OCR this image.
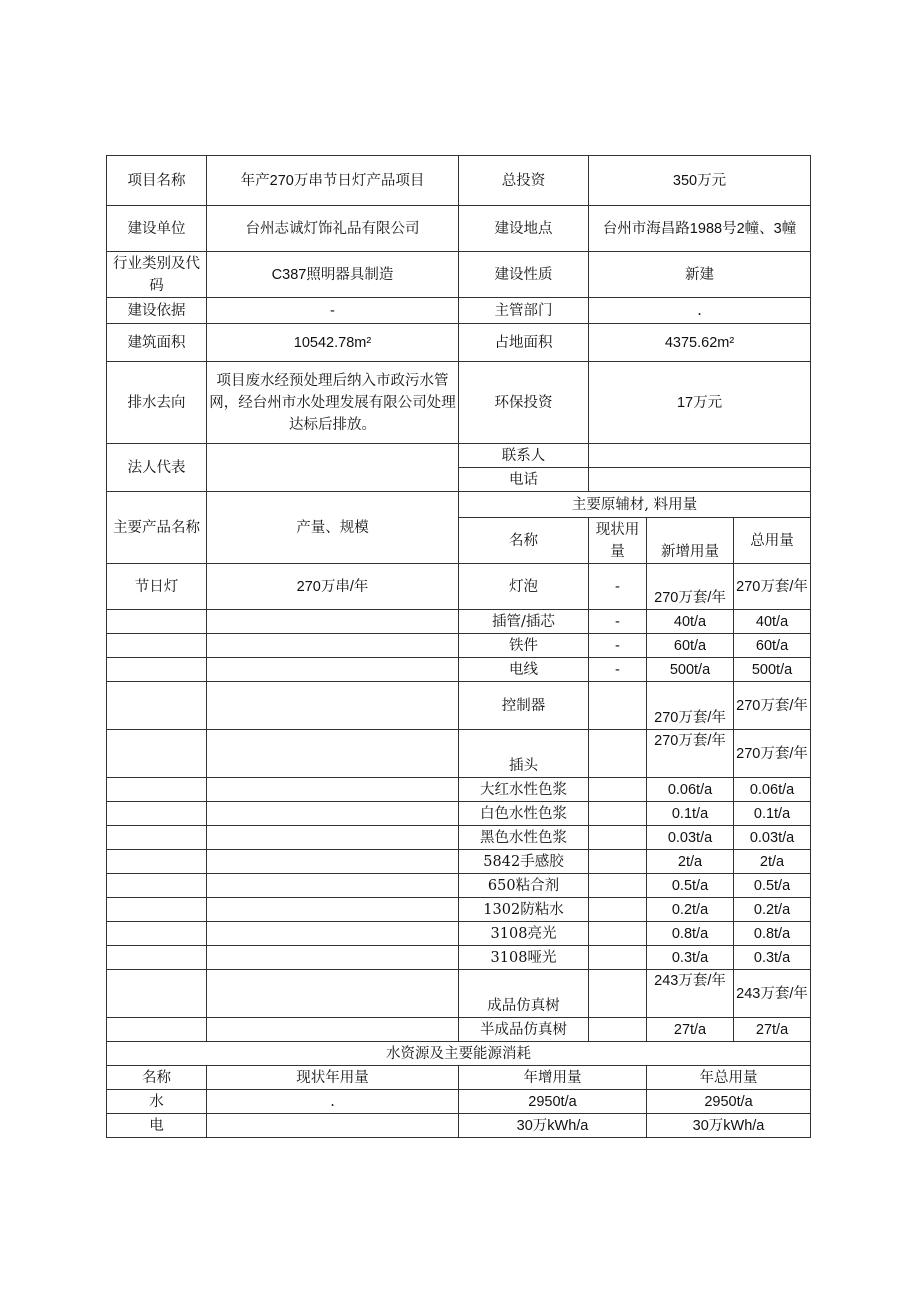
项目名称	年产270万串节日灯产品项目	总投资	350万元		
建设单位	台州志诚灯饰礼品有限公司	建设地点	台州市海昌路1988号2幢、3幢		
行业类别及代码	C387照明器具制造	建设性质	新建		
建设依据	-	主管部门	.		
建筑面积	10542.78m²	占地面积	4375.62m²		
排水去向	项目废水经预处理后纳入市政污水管网，经台州市水处理发展有限公司处理达标后排放。	环保投资	17万元		
法人代表		联系人			
		电话			
主要产品名称	产量、规模	主要原辅材, 料用量			
		名称	现状用量	新增用量	总用量
节日灯	270万串/年	灯泡	-	270万套/年	270万套/年
		插管/插芯	-	40t/a	40t/a
		铁件	-	60t/a	60t/a
		电线	-	500t/a	500t/a
		控制器		270万套/年	270万套/年
		插头		270万套/年	270万套/年
		大红水性色浆		0.06t/a	0.06t/a
		白色水性色浆		0.1t/a	0.1t/a
		黑色水性色浆		0.03t/a	0.03t/a
		5842手感胶		2t/a	2t/a
		650粘合剂		0.5t/a	0.5t/a
		1302防粘水		0.2t/a	0.2t/a
		3108亮光		0.8t/a	0.8t/a
		3108哑光		0.3t/a	0.3t/a
		成品仿真树		243万套/年	243万套/年
		半成品仿真树		27t/a	27t/a
水资源及主要能源消耗					
名称	现状年用量	年增用量		年总用量	
水	.	2950t/a		2950t/a	
电		30万kWh/a		30万kWh/a	
